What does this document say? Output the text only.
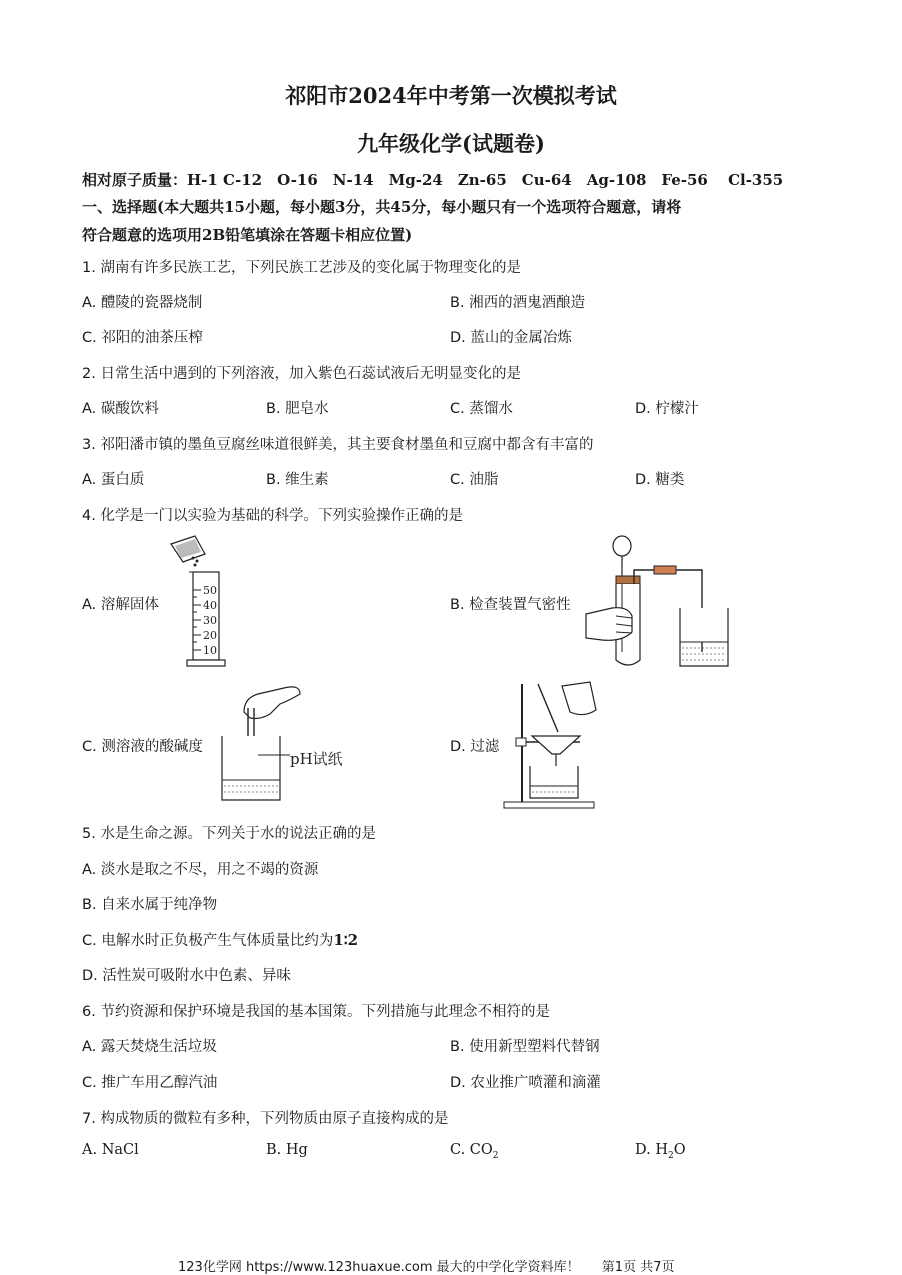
祁阳市2024年中考第一次模拟考试
九年级化学(试题卷)
相对原子质量：H-1 C-12　O-16　N-14　Mg-24　Zn-65　Cu-64　Ag-108　Fe-56　 Cl-355
一、选择题(本大题共15小题，每小题3分，共45分，每小题只有一个选项符合题意，请将
符合题意的选项用2B铅笔填涂在答题卡相应位置)
1. 湖南有许多民族工艺，下列民族工艺涉及的变化属于物理变化的是
A. 醴陵的瓷器烧制	B. 湘西的酒鬼酒酿造
C. 祁阳的油茶压榨	D. 蓝山的金属冶炼
2. 日常生活中遇到的下列溶液，加入紫色石蕊试液后无明显变化的是
A. 碳酸饮料	B. 肥皂水	C. 蒸馏水	D. 柠檬汁
3. 祁阳潘市镇的墨鱼豆腐丝味道很鲜美，其主要食材墨鱼和豆腐中都含有丰富的
A. 蛋白质	B. 维生素	C. 油脂	D. 糖类
4. 化学是一门以实验为基础的科学。下列实验操作正确的是
A. 溶解固体	B. 检查装置气密性
C. 测溶液的酸碱度	D. 过滤
50
40
30
20
10
pH试纸
5. 水是生命之源。下列关于水的说法正确的是
A. 淡水是取之不尽，用之不竭的资源
B. 自来水属于纯净物
C. 电解水时正负极产生气体质量比约为1∶2
D. 活性炭可吸附水中色素、异味
6. 节约资源和保护环境是我国的基本国策。下列措施与此理念不相符的是
A. 露天焚烧生活垃圾	B. 使用新型塑料代替钢
C. 推广车用乙醇汽油	D. 农业推广喷灌和滴灌
7. 构成物质的微粒有多种，下列物质由原子直接构成的是
A. NaCl	B. Hg	C. $CO_2$	D. $H_2O$
123化学网 https://www.123huaxue.com 最大的中学化学资料库！ 第1页 共7页
